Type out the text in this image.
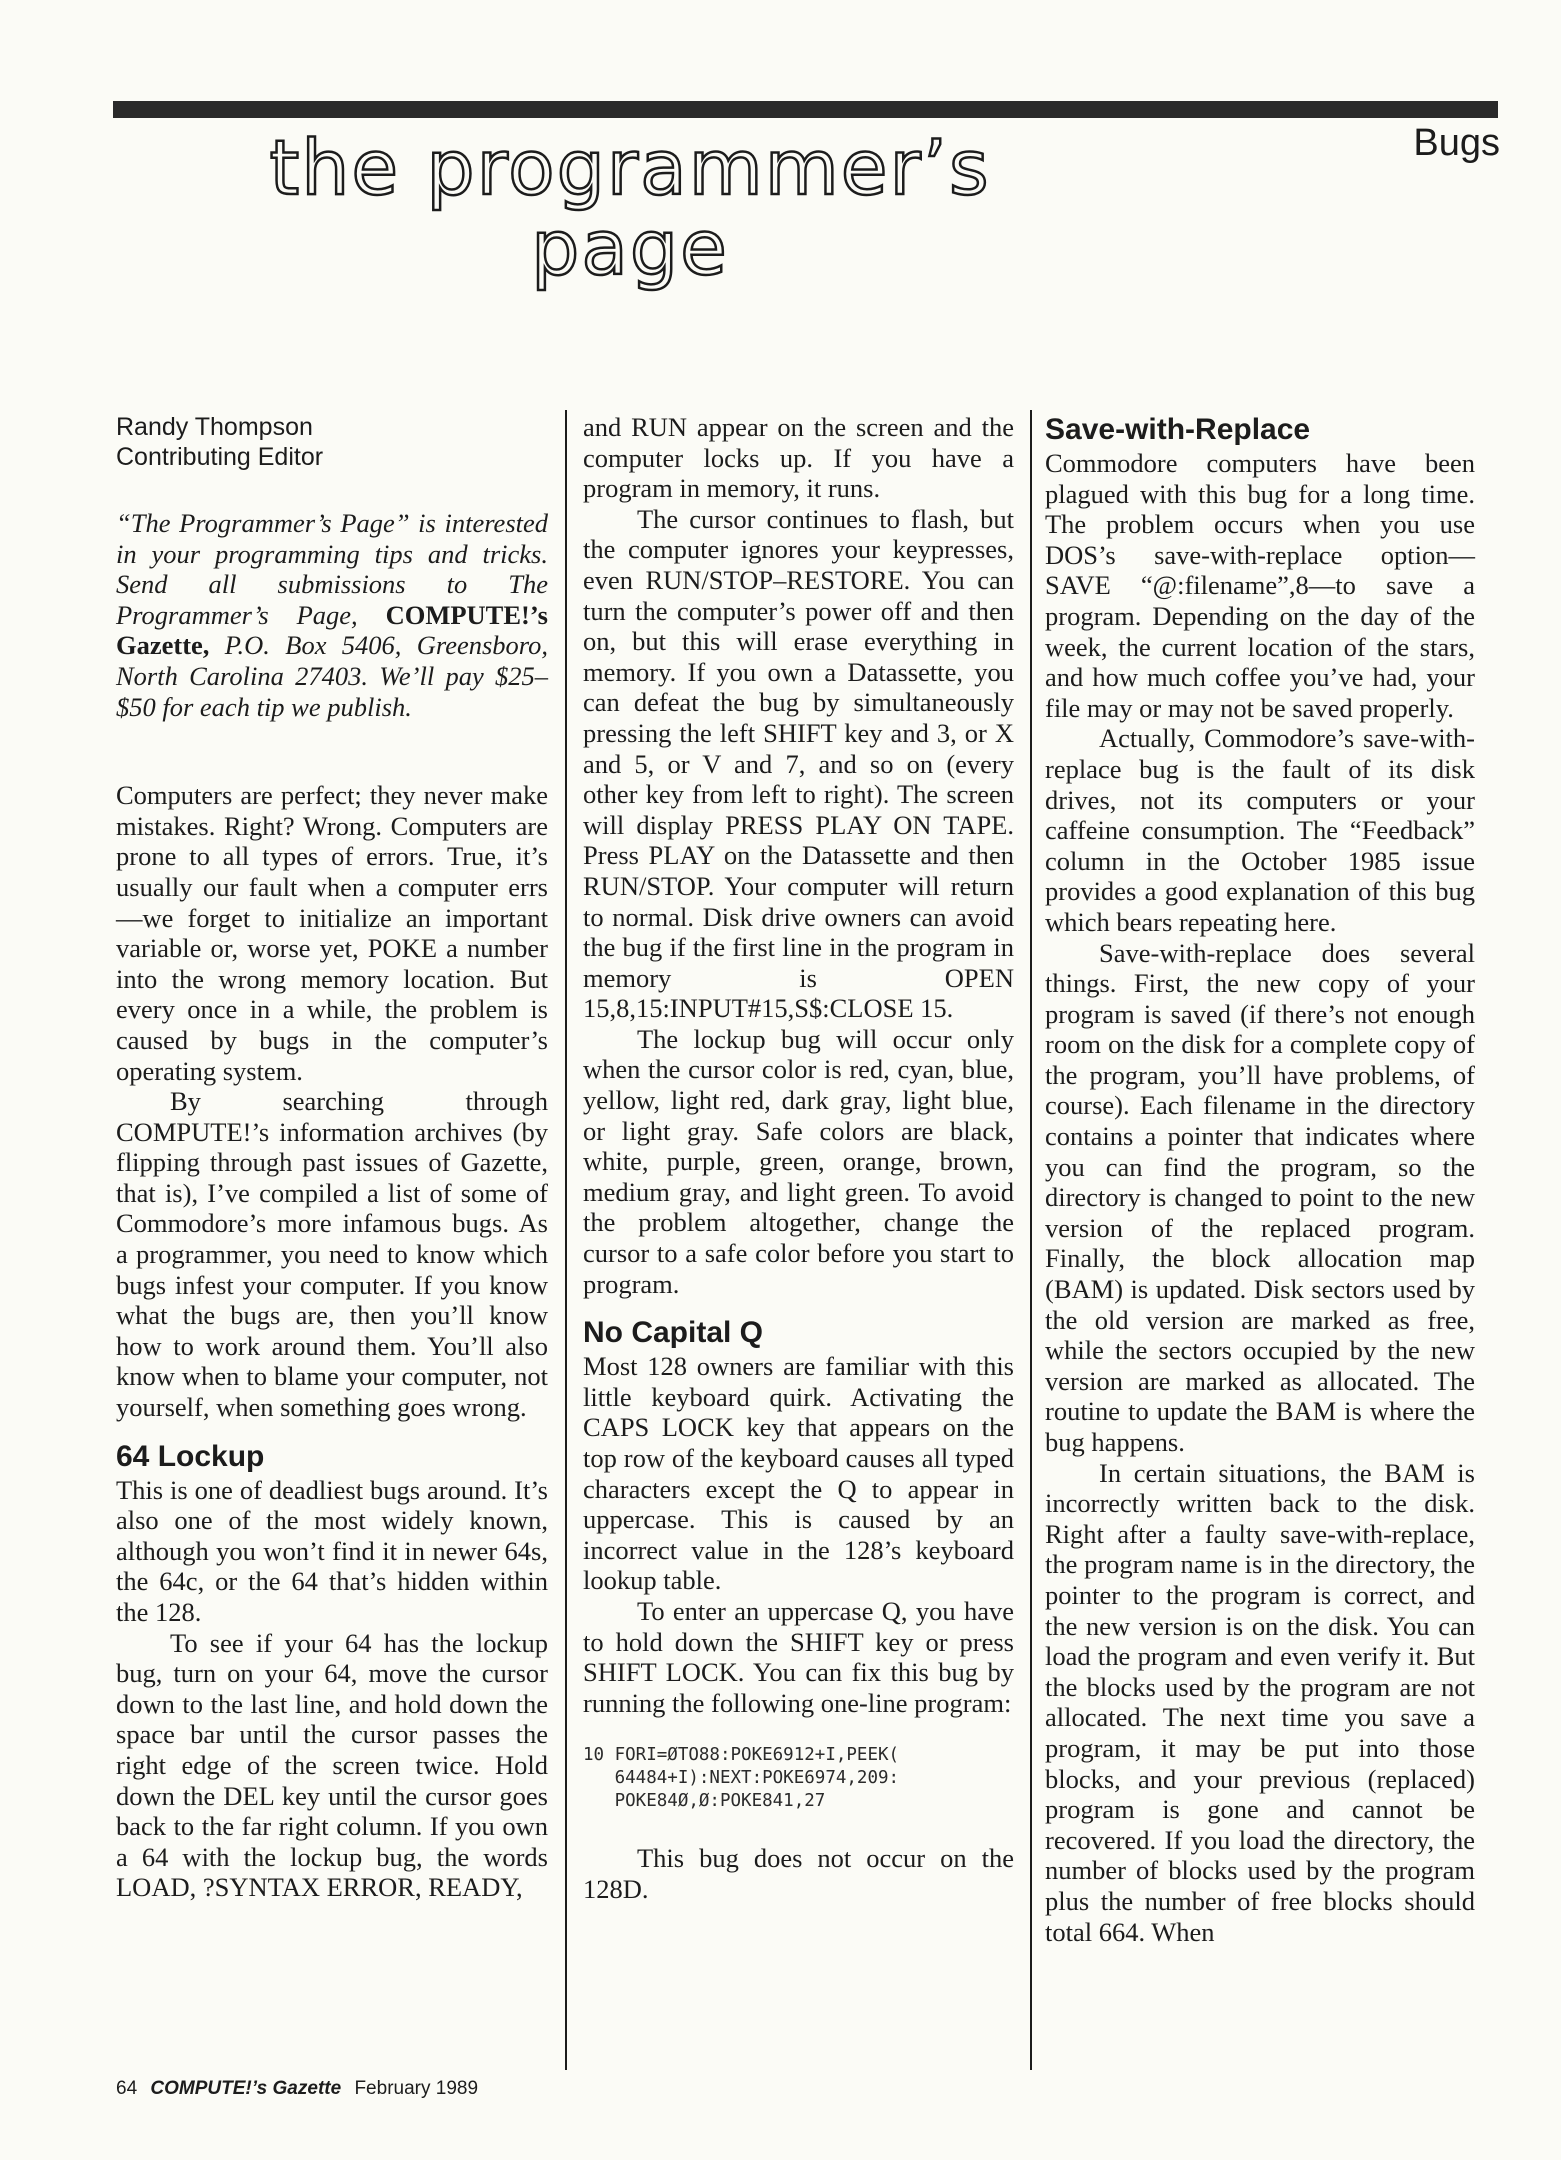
the programmer’s
page
Bugs
Randy Thompson
Contributing Editor

“The Programmer’s Page” is interested in your programming tips and tricks. Send all submissions to The Programmer’s Page, COMPUTE!’s Gazette, P.O. Box 5406, Greensboro, North Carolina 27403. We’ll pay $25–$50 for each tip we publish.

Computers are perfect; they never make mistakes. Right? Wrong. Computers are prone to all types of errors. True, it’s usually our fault when a computer errs—we forget to initialize an important variable or, worse yet, POKE a number into the wrong memory location. But every once in a while, the problem is caused by bugs in the computer’s operating system.

By searching through COMPUTE!’s information archives (by flipping through past issues of Gazette, that is), I’ve compiled a list of some of Commodore’s more infamous bugs. As a programmer, you need to know which bugs infest your computer. If you know what the bugs are, then you’ll know how to work around them. You’ll also know when to blame your computer, not yourself, when something goes wrong.

64 Lockup

This is one of deadliest bugs around. It’s also one of the most widely known, although you won’t find it in newer 64s, the 64c, or the 64 that’s hidden within the 128.

To see if your 64 has the lockup bug, turn on your 64, move the cursor down to the last line, and hold down the space bar until the cursor passes the right edge of the screen twice. Hold down the DEL key until the cursor goes back to the far right column. If you own a 64 with the lockup bug, the words LOAD, ?SYNTAX ERROR, READY,

and RUN appear on the screen and the computer locks up. If you have a program in memory, it runs.

The cursor continues to flash, but the computer ignores your keypresses, even RUN/STOP–RESTORE. You can turn the computer’s power off and then on, but this will erase everything in memory. If you own a Datassette, you can defeat the bug by simultaneously pressing the left SHIFT key and 3, or X and 5, or V and 7, and so on (every other key from left to right). The screen will display PRESS PLAY ON TAPE. Press PLAY on the Datassette and then RUN/STOP. Your computer will return to normal. Disk drive owners can avoid the bug if the first line in the program in memory is OPEN 15,8,15:INPUT#15,S$:CLOSE 15.

The lockup bug will occur only when the cursor color is red, cyan, blue, yellow, light red, dark gray, light blue, or light gray. Safe colors are black, white, purple, green, orange, brown, medium gray, and light green. To avoid the problem altogether, change the cursor to a safe color before you start to program.

No Capital Q

Most 128 owners are familiar with this little keyboard quirk. Activating the CAPS LOCK key that appears on the top row of the keyboard causes all typed characters except the Q to appear in uppercase. This is caused by an incorrect value in the 128’s keyboard lookup table.

To enter an uppercase Q, you have to hold down the SHIFT key or press SHIFT LOCK. You can fix this bug by running the following one-line program:

10 FORI=ØTO88:POKE6912+I,PEEK(
64484+I):NEXT:POKE6974,209:
POKE84Ø,Ø:POKE841,27

This bug does not occur on the 128D.

Save-with-Replace

Commodore computers have been plagued with this bug for a long time. The problem occurs when you use DOS’s save-with-replace option—SAVE “@:filename”,8—to save a program. Depending on the day of the week, the current location of the stars, and how much coffee you’ve had, your file may or may not be saved properly.

Actually, Commodore’s save-with-replace bug is the fault of its disk drives, not its computers or your caffeine consumption. The “Feedback” column in the October 1985 issue provides a good explanation of this bug which bears repeating here.

Save-with-replace does several things. First, the new copy of your program is saved (if there’s not enough room on the disk for a complete copy of the program, you’ll have problems, of course). Each filename in the directory contains a pointer that indicates where you can find the program, so the directory is changed to point to the new version of the replaced program. Finally, the block allocation map (BAM) is updated. Disk sectors used by the old version are marked as free, while the sectors occupied by the new version are marked as allocated. The routine to update the BAM is where the bug happens.

In certain situations, the BAM is incorrectly written back to the disk. Right after a faulty save-with-replace, the program name is in the directory, the pointer to the program is correct, and the new version is on the disk. You can load the program and even verify it. But the blocks used by the program are not allocated. The next time you save a program, it may be put into those blocks, and your previous (replaced) program is gone and cannot be recovered. If you load the directory, the number of blocks used by the program plus the number of free blocks should total 664. When

64 COMPUTE!’s Gazette February 1989
